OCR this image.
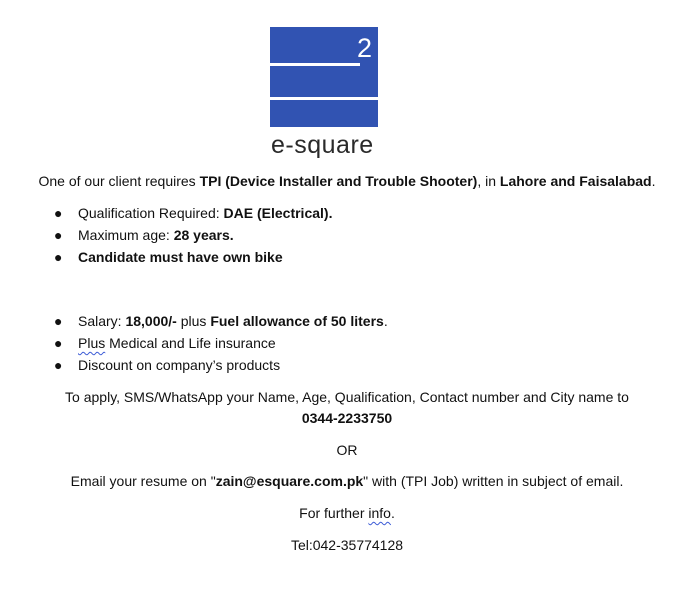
2
e-square
One of our client requires TPI (Device Installer and Trouble Shooter), in Lahore and Faisalabad.
● Qualification Required: DAE (Electrical).
● Maximum age: 28 years.
● Candidate must have own bike
● Salary: 18,000/- plus Fuel allowance of 50 liters.
● Plus Medical and Life insurance
● Discount on company’s products
To apply, SMS/WhatsApp your Name, Age, Qualification, Contact number and City name to
0344-2233750
OR
Email your resume on "zain@esquare.com.pk" with (TPI Job) written in subject of email.
For further info.
Tel:042-35774128
